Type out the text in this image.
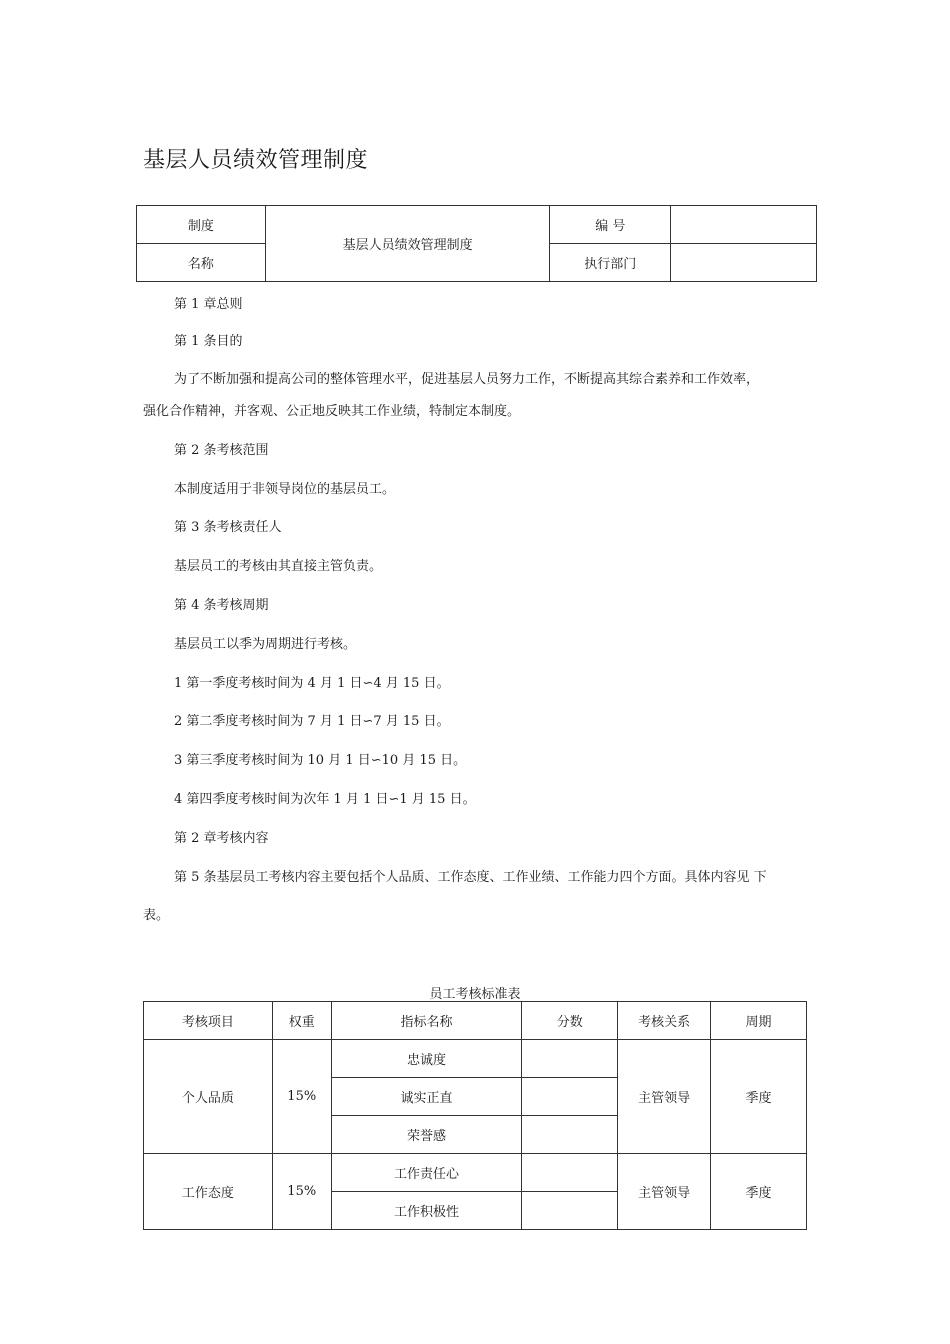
基层人员绩效管理制度
制度	基层人员绩效管理制度	编 号	
名称		执行部门	
第 1 章总则
第 1 条目的
为了不断加强和提高公司的整体管理水平，促进基层人员努力工作，不断提高其综合素养和工作效率，
强化合作精神，并客观、公正地反映其工作业绩，特制定本制度。
第 2 条考核范围
本制度适用于非领导岗位的基层员工。
第 3 条考核责任人
基层员工的考核由其直接主管负责。
第 4 条考核周期
基层员工以季为周期进行考核。
1 第一季度考核时间为 4 月 1 日∽4 月 15 日。
2 第二季度考核时间为 7 月 1 日∽7 月 15 日。
3 第三季度考核时间为 10 月 1 日∽10 月 15 日。
4 第四季度考核时间为次年 1 月 1 日∽1 月 15 日。
第 2 章考核内容
第 5 条基层员工考核内容主要包括个人品质、工作态度、工作业绩、工作能力四个方面。具体内容见 下
表。
员工考核标准表
考核项目	权重	指标名称	分数	考核关系	周期
个人品质	15%	忠诚度		主管领导	季度
		诚实正直			
		荣誉感			
工作态度	15%	工作责任心		主管领导	季度
		工作积极性			
